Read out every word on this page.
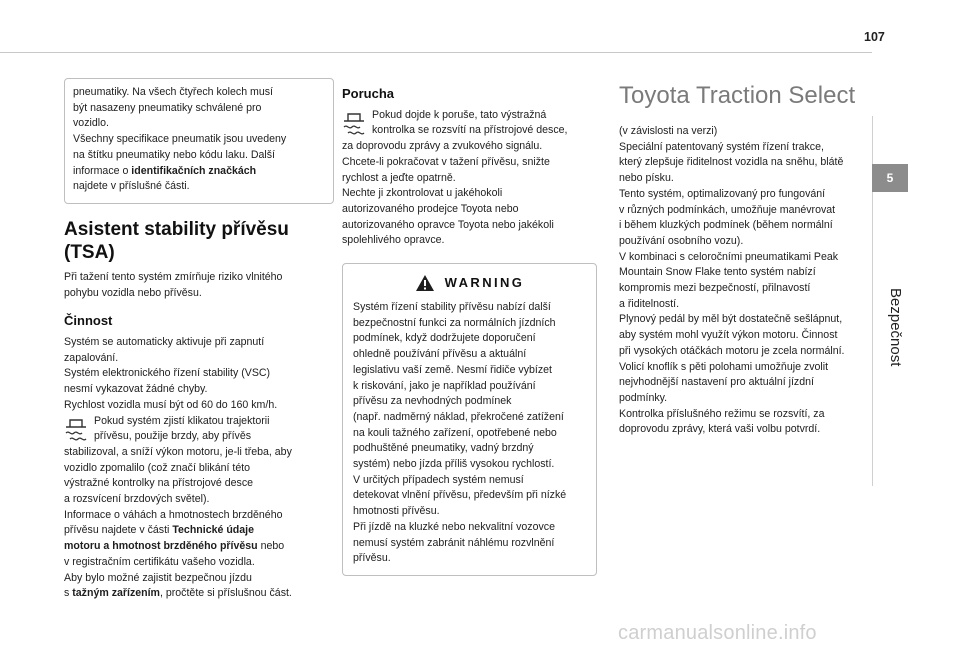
107
5
Bezpečnost

pneumatiky. Na všech čtyřech kolech musí

být nasazeny pneumatiky schválené pro

vozidlo.

Všechny specifikace pneumatik jsou uvedeny

na štítku pneumatiky nebo kódu laku. Další

informace o identifikačních značkách

najdete v příslušné části.

Asistent stability přívěsu
(TSA)

Při tažení tento systém zmírňuje riziko vlnitého

pohybu vozidla nebo přívěsu.

Činnost

Systém se automaticky aktivuje při zapnutí

zapalování.

Systém elektronického řízení stability (VSC)

nesmí vykazovat žádné chyby.

Rychlost vozidla musí být od 60 do 160 km/h.

Pokud systém zjistí klikatou trajektorii

přívěsu, použije brzdy, aby přívěs

stabilizoval, a sníží výkon motoru, je-li třeba, aby

vozidlo zpomalilo (což značí blikání této

výstražné kontrolky na přístrojové desce

a rozsvícení brzdových světel).

Informace o váhách a hmotnostech brzděného

přívěsu najdete v části Technické údaje

motoru a hmotnost brzděného přívěsu nebo

v registračním certifikátu vašeho vozidla.

Aby bylo možné zajistit bezpečnou jízdu

s tažným zařízením, pročtěte si příslušnou část.

Porucha

Pokud dojde k poruše, tato výstražná

kontrolka se rozsvítí na přístrojové desce,

za doprovodu zprávy a zvukového signálu.

Chcete-li pokračovat v tažení přívěsu, snižte

rychlost a jeďte opatrně.

Nechte ji zkontrolovat u jakéhokoli

autorizovaného prodejce Toyota nebo

autorizovaného opravce Toyota nebo jakékoli

spolehlivého opravce.

WARNING

Systém řízení stability přívěsu nabízí další

bezpečnostní funkci za normálních jízdních

podmínek, když dodržujete doporučení

ohledně používání přívěsu a aktuální

legislativu vaší země. Nesmí řidiče vybízet

k riskování, jako je například používání

přívěsu za nevhodných podmínek

(např. nadměrný náklad, překročené zatížení

na kouli tažného zařízení, opotřebené nebo

podhuštěné pneumatiky, vadný brzdný

systém) nebo jízda příliš vysokou rychlostí.

V určitých případech systém nemusí

detekovat vlnění přívěsu, především při nízké

hmotnosti přívěsu.

Při jízdě na kluzké nebo nekvalitní vozovce

nemusí systém zabránit náhlému rozvlnění

přívěsu.

Toyota Traction Select

(v závislosti na verzi)

Speciální patentovaný systém řízení trakce,

který zlepšuje řiditelnost vozidla na sněhu, blátě

nebo písku.

Tento systém, optimalizovaný pro fungování

v různých podmínkách, umožňuje manévrovat

i během kluzkých podmínek (během normální

používání osobního vozu).

V kombinaci s celoročními pneumatikami Peak

Mountain Snow Flake tento systém nabízí

kompromis mezi bezpečností, přilnavostí

a řiditelností.

Plynový pedál by měl být dostatečně sešlápnut,

aby systém mohl využít výkon motoru. Činnost

při vysokých otáčkách motoru je zcela normální.

Volicí knoflík s pěti polohami umožňuje zvolit

nejvhodnější nastavení pro aktuální jízdní

podmínky.

Kontrolka příslušného režimu se rozsvítí, za

doprovodu zprávy, která vaši volbu potvrdí.

carmanualsonline.info
